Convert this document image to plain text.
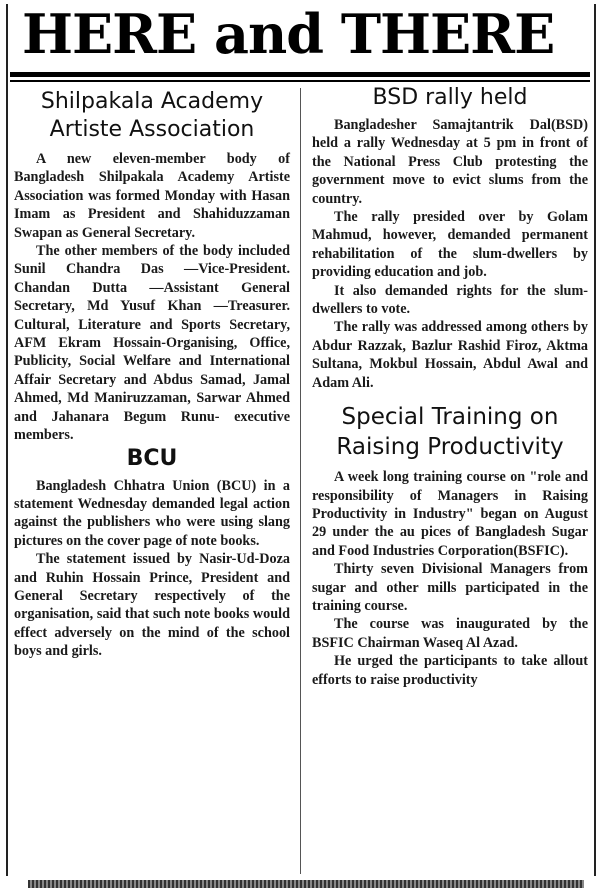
HERE and THERE
Shilpakala Academy Artiste Association

A new eleven-member body of Bangladesh Shilpakala Academy Artiste Association was formed Monday with Hasan Imam as President and Shahiduzzaman Swapan as General Secretary.

The other members of the body included Sunil Chandra Das —Vice-President. Chandan Dutta —Assistant General Secretary, Md Yusuf Khan —Treasurer. Cultural, Literature and Sports Secretary, AFM Ekram Hossain-Organising, Office, Publicity, Social Welfare and International Affair Secretary and Abdus Samad, Jamal Ahmed, Md Maniruzzaman, Sarwar Ahmed and Jahanara Begum Runu- executive members.

BCU

Bangladesh Chhatra Union (BCU) in a statement Wednesday demanded legal action against the publishers who were using slang pictures on the cover page of note books.

The statement issued by Nasir-Ud-Doza and Ruhin Hossain Prince, President and General Secretary respectively of the organisation, said that such note books would effect adversely on the mind of the school boys and girls.

BSD rally held

Bangladesher Samajtantrik Dal(BSD) held a rally Wednesday at 5 pm in front of the National Press Club protesting the government move to evict slums from the country.

The rally presided over by Golam Mahmud, however, demanded permanent rehabilitation of the slum-dwellers by providing education and job.

It also demanded rights for the slum-dwellers to vote.

The rally was addressed among others by Abdur Razzak, Bazlur Rashid Firoz, Aktma Sultana, Mokbul Hossain, Abdul Awal and Adam Ali.

Special Training on Raising Productivity

A week long training course on "role and responsibility of Managers in Raising Productivity in Industry" began on August 29 under the au pices of Bangladesh Sugar and Food Industries Corporation(BSFIC).

Thirty seven Divisional Managers from sugar and other mills participated in the training course.

The course was inaugurated by the BSFIC Chairman Waseq Al Azad.

He urged the participants to take allout efforts to raise productivity
